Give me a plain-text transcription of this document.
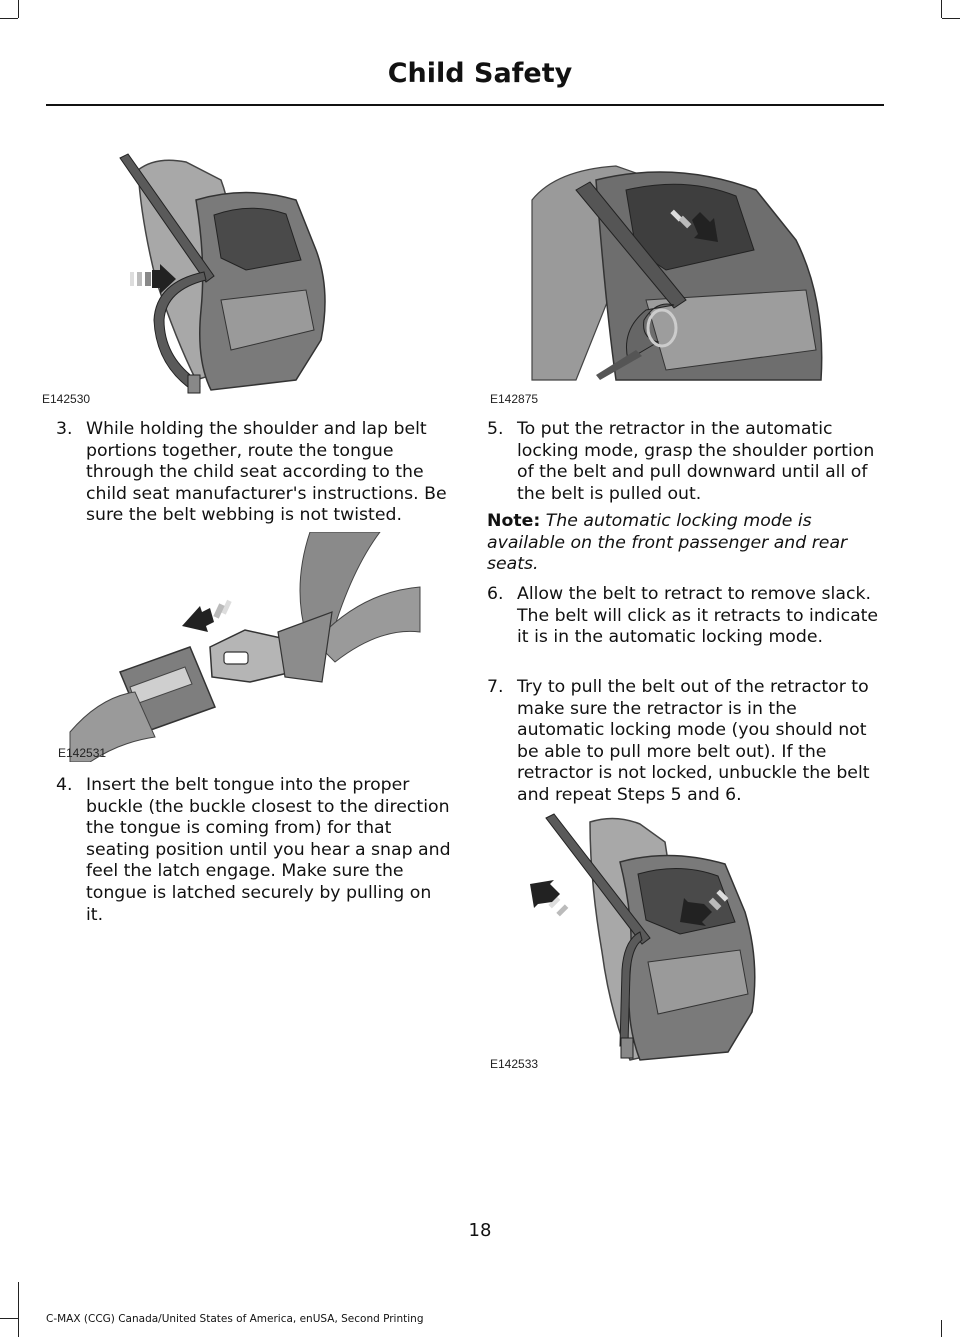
Child Safety
E142530	E142875
3. While holding the shoulder and lap belt portions together, route the tongue through the child seat according to the child seat manufacturer's instructions. Be sure the belt webbing is not twisted.
E142531
4. Insert the belt tongue into the proper buckle (the buckle closest to the direction the tongue is coming from) for that seating position until you hear a snap and feel the latch engage. Make sure the tongue is latched securely by pulling on it.
5. To put the retractor in the automatic locking mode, grasp the shoulder portion of the belt and pull downward until all of the belt is pulled out.
Note: The automatic locking mode is available on the front passenger and rear seats.
6. Allow the belt to retract to remove slack. The belt will click as it retracts to indicate it is in the automatic locking mode.
7. Try to pull the belt out of the retractor to make sure the retractor is in the automatic locking mode (you should not be able to pull more belt out). If the retractor is not locked, unbuckle the belt and repeat Steps 5 and 6.
E142533
18
C-MAX (CCG) Canada/United States of America, enUSA, Second Printing
